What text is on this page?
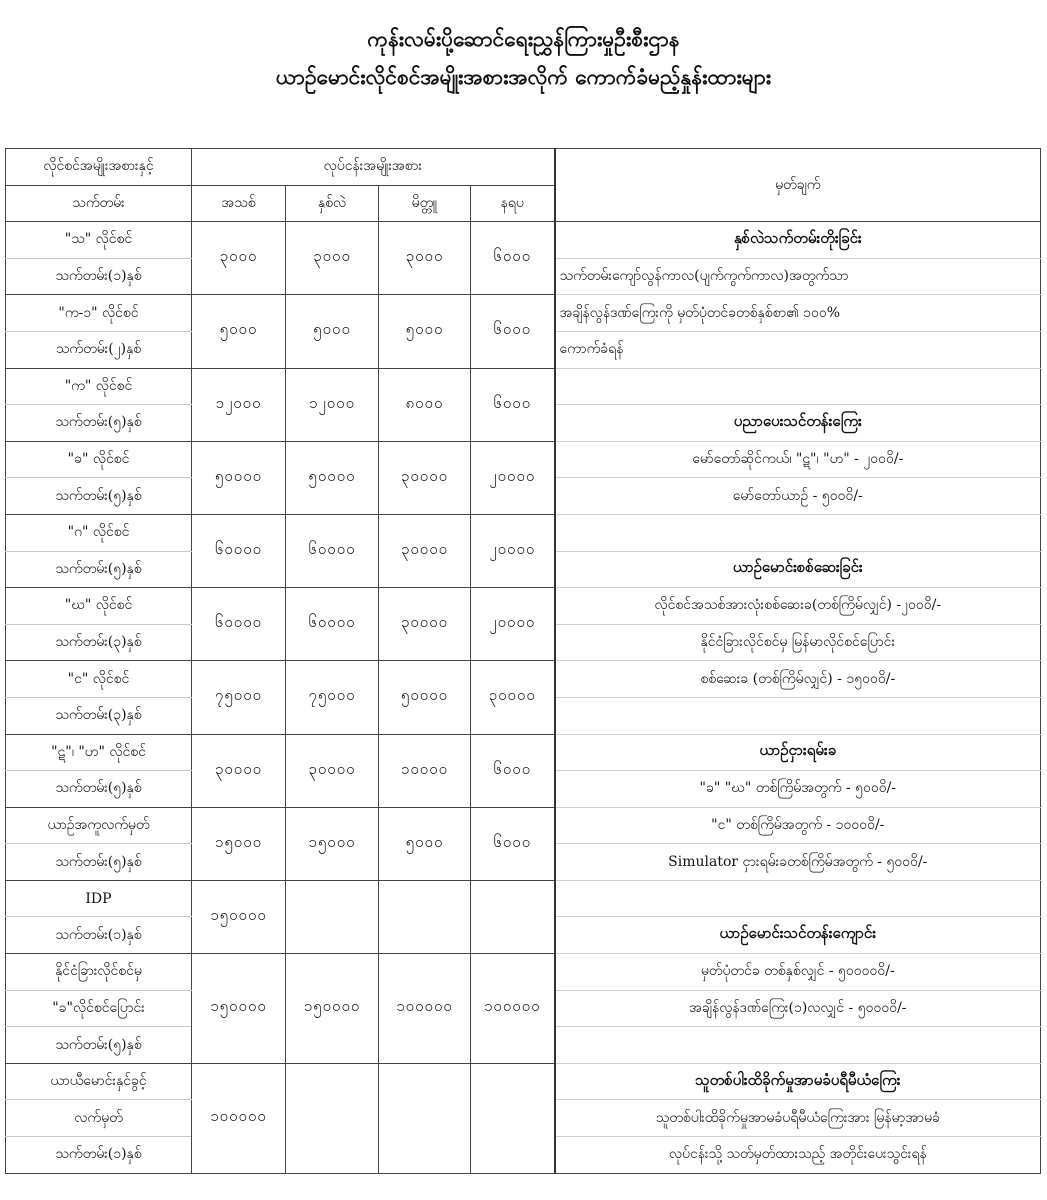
ကုန်းလမ်းပို့ဆောင်ရေးညွှန်ကြားမှုဦးစီးဌာန
ယာဉ်မောင်းလိုင်စင်အမျိုးအစားအလိုက် ကောက်ခံမည့်နှုန်းထားများ
လိုင်စင်အမျိုးအစားနှင့်	လုပ်ငန်းအမျိုးအစား				မှတ်ချက်
သက်တမ်း	အသစ်	နှစ်လဲ	မိတ္တူ	နရပ	
"သ" လိုင်စင်	၃၀၀၀	၃၀၀၀	၃၀၀၀	၆၀၀၀	နှစ်လဲသက်တမ်းတိုးခြင်း
သက်တမ်း(၁)နှစ်					သက်တမ်းကျော်လွန်ကာလ(ပျက်ကွက်ကာလ)အတွက်သာ
"က-၁" လိုင်စင်	၅၀၀၀	၅၀၀၀	၅၀၀၀	၆၀၀၀	အချိန်လွန်ဒဏ်ကြေးကို မှတ်ပုံတင်ခတစ်နှစ်စာ၏ ၁၀၀%
သက်တမ်း(၂)နှစ်					ကောက်ခံရန်
"က" လိုင်စင်	၁၂၀၀၀	၁၂၀၀၀	၈၀၀၀	၆၀၀၀	
သက်တမ်း(၅)နှစ်					ပညာပေးသင်တန်းကြေး
"ခ" လိုင်စင်	၅၀၀၀၀	၅၀၀၀၀	၃၀၀၀၀	၂၀၀၀၀	မော်တော်ဆိုင်ကယ်၊ "ဋ"၊ "ဟ" - ၂၀၀၀ိ/-
သက်တမ်း(၅)နှစ်					မော်တော်ယာဉ် - ၅၀၀၀ိ/-
"ဂ" လိုင်စင်	၆၀၀၀၀	၆၀၀၀၀	၃၀၀၀၀	၂၀၀၀၀	
သက်တမ်း(၅)နှစ်					ယာဉ်မောင်းစစ်ဆေးခြင်း
"ဃ" လိုင်စင်	၆၀၀၀၀	၆၀၀၀၀	၃၀၀၀၀	၂၀၀၀၀	လိုင်စင်အသစ်အားလုံးစစ်ဆေးခ(တစ်ကြိမ်လျှင်) -၂၀၀၀ိ/-
သက်တမ်း(၃)နှစ်					နိုင်ငံခြားလိုင်စင်မှ မြန်မာလိုင်စင်ပြောင်း
"င" လိုင်စင်	၇၅၀၀၀	၇၅၀၀၀	၅၀၀၀၀	၃၀၀၀၀	စစ်ဆေးခ (တစ်ကြိမ်လျှင်) - ၁၅၀၀၀ိ/-
သက်တမ်း(၃)နှစ်					
"ဋ"၊ "ဟ" လိုင်စင်	၃၀၀၀၀	၃၀၀၀၀	၁၀၀၀၀	၆၀၀၀	ယာဉ်ငှားရမ်းခ
သက်တမ်း(၅)နှစ်					"ခ" "ဃ" တစ်ကြိမ်အတွက် - ၅၀၀၀ိ/-
ယာဉ်အကူလက်မှတ်	၁၅၀၀၀	၁၅၀၀၀	၅၀၀၀	၆၀၀၀	"င" တစ်ကြိမ်အတွက် - ၁၀၀၀၀ိ/-
သက်တမ်း(၅)နှစ်					Simulator ငှားရမ်းခတစ်ကြိမ်အတွက် - ၅၀၀၀ိ/-
IDP	၁၅၀၀၀၀				
သက်တမ်း(၁)နှစ်					ယာဉ်မောင်းသင်တန်းကျောင်း
နိုင်ငံခြားလိုင်စင်မှ	၁၅၀၀၀၀	၁၅၀၀၀၀	၁၀၀၀၀၀	၁၀၀၀၀၀	မှတ်ပုံတင်ခ တစ်နှစ်လျှင် - ၅၀၀၀၀၀ိ/-
"ခ"လိုင်စင်ပြောင်း					အချိန်လွန်ဒဏ်ကြေး(၁)လလျှင် - ၅၀၀၀၀ိ/-
သက်တမ်း(၅)နှစ်					
ယာယီမောင်းနှင်ခွင့်	၁၀၀၀၀၀				သူတစ်ပါးထိခိုက်မှုအာမခံပရီမီယံကြေး
လက်မှတ်					သူတစ်ပါးထိခိုက်မှုအာမခံပရီမီယံကြေးအား မြန်မာ့အာမခံ
သက်တမ်း(၁)နှစ်					လုပ်ငန်းသို့ သတ်မှတ်ထားသည့် အတိုင်းပေးသွင်းရန်
